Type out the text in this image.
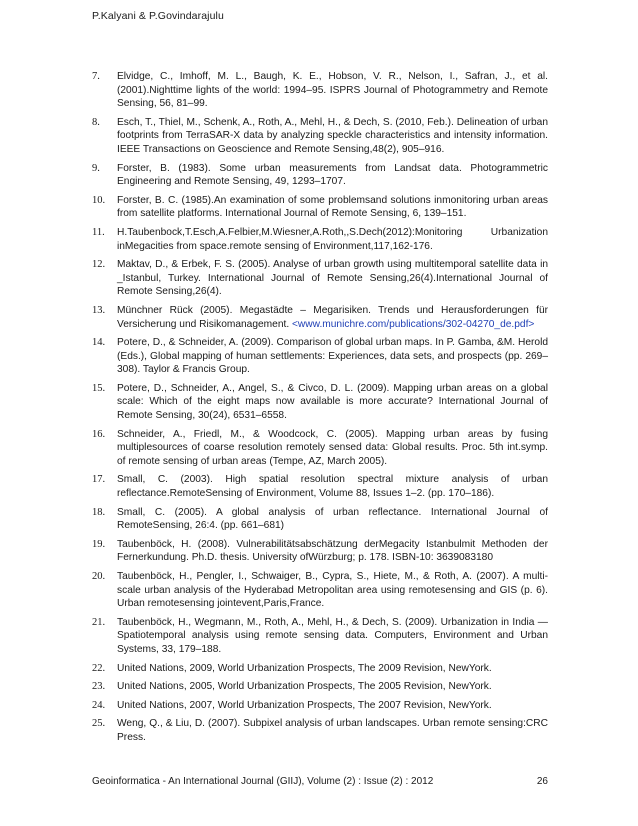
P.Kalyani & P.Govindarajulu
7. Elvidge, C., Imhoff, M. L., Baugh, K. E., Hobson, V. R., Nelson, I., Safran, J., et al. (2001).Nighttime lights of the world: 1994–95. ISPRS Journal of Photogrammetry and Remote Sensing, 56, 81–99.
8. Esch, T., Thiel, M., Schenk, A., Roth, A., Mehl, H., & Dech, S. (2010, Feb.). Delineation of urban footprints from TerraSAR-X data by analyzing speckle characteristics and intensity information. IEEE Transactions on Geoscience and Remote Sensing,48(2), 905–916.
9. Forster, B. (1983). Some urban measurements from Landsat data. Photogrammetric Engineering and Remote Sensing, 49, 1293–1707.
10. Forster, B. C. (1985).An examination of some problemsand solutions inmonitoring urban areas from satellite platforms. International Journal of Remote Sensing, 6, 139–151.
11. H.Taubenbock,T.Esch,A.Felbier,M.Wiesner,A.Roth,,S.Dech(2012):Monitoring Urbanization inMegacities from space.remote sensing of Environment,117,162-176.
12. Maktav, D., & Erbek, F. S. (2005). Analyse of urban growth using multitemporal satellite data in _Istanbul, Turkey. International Journal of Remote Sensing,26(4).International Journal of Remote Sensing,26(4).
13. Münchner Rück (2005). Megastädte – Megarisiken. Trends und Herausforderungen für Versicherung und Risikomanagement. <www.munichre.com/publications/302-04270_de.pdf>
14. Potere, D., & Schneider, A. (2009). Comparison of global urban maps. In P. Gamba, &M. Herold (Eds.), Global mapping of human settlements: Experiences, data sets, and prospects (pp. 269–308). Taylor & Francis Group.
15. Potere, D., Schneider, A., Angel, S., & Civco, D. L. (2009). Mapping urban areas on a global scale: Which of the eight maps now available is more accurate? International Journal of Remote Sensing, 30(24), 6531–6558.
16. Schneider, A., Friedl, M., & Woodcock, C. (2005). Mapping urban areas by fusing multiplesources of coarse resolution remotely sensed data: Global results. Proc. 5th int.symp. of remote sensing of urban areas (Tempe, AZ, March 2005).
17. Small, C. (2003). High spatial resolution spectral mixture analysis of urban reflectance.RemoteSensing of Environment, Volume 88, Issues 1–2. (pp. 170–186).
18. Small, C. (2005). A global analysis of urban reflectance. International Journal of RemoteSensing, 26:4. (pp. 661–681)
19. Taubenböck, H. (2008). Vulnerabilitätsabschätzung derMegacity Istanbulmit Methoden der Fernerkundung. Ph.D. thesis. University ofWürzburg; p. 178. ISBN-10: 3639083180
20. Taubenböck, H., Pengler, I., Schwaiger, B., Cypra, S., Hiete, M., & Roth, A. (2007). A multi-scale urban analysis of the Hyderabad Metropolitan area using remotesensing and GIS (p. 6). Urban remotesensing jointevent,Paris,France.
21. Taubenböck, H., Wegmann, M., Roth, A., Mehl, H., & Dech, S. (2009). Urbanization in India — Spatiotemporal analysis using remote sensing data. Computers, Environment and Urban Systems, 33, 179–188.
22. United Nations, 2009, World Urbanization Prospects, The 2009 Revision, NewYork.
23. United Nations, 2005, World Urbanization Prospects, The 2005 Revision, NewYork.
24. United Nations, 2007, World Urbanization Prospects, The 2007 Revision, NewYork.
25. Weng, Q., & Liu, D. (2007). Subpixel analysis of urban landscapes. Urban remote sensing:CRC Press.
Geoinformatica - An International Journal (GIIJ), Volume (2) : Issue (2) : 2012	26
